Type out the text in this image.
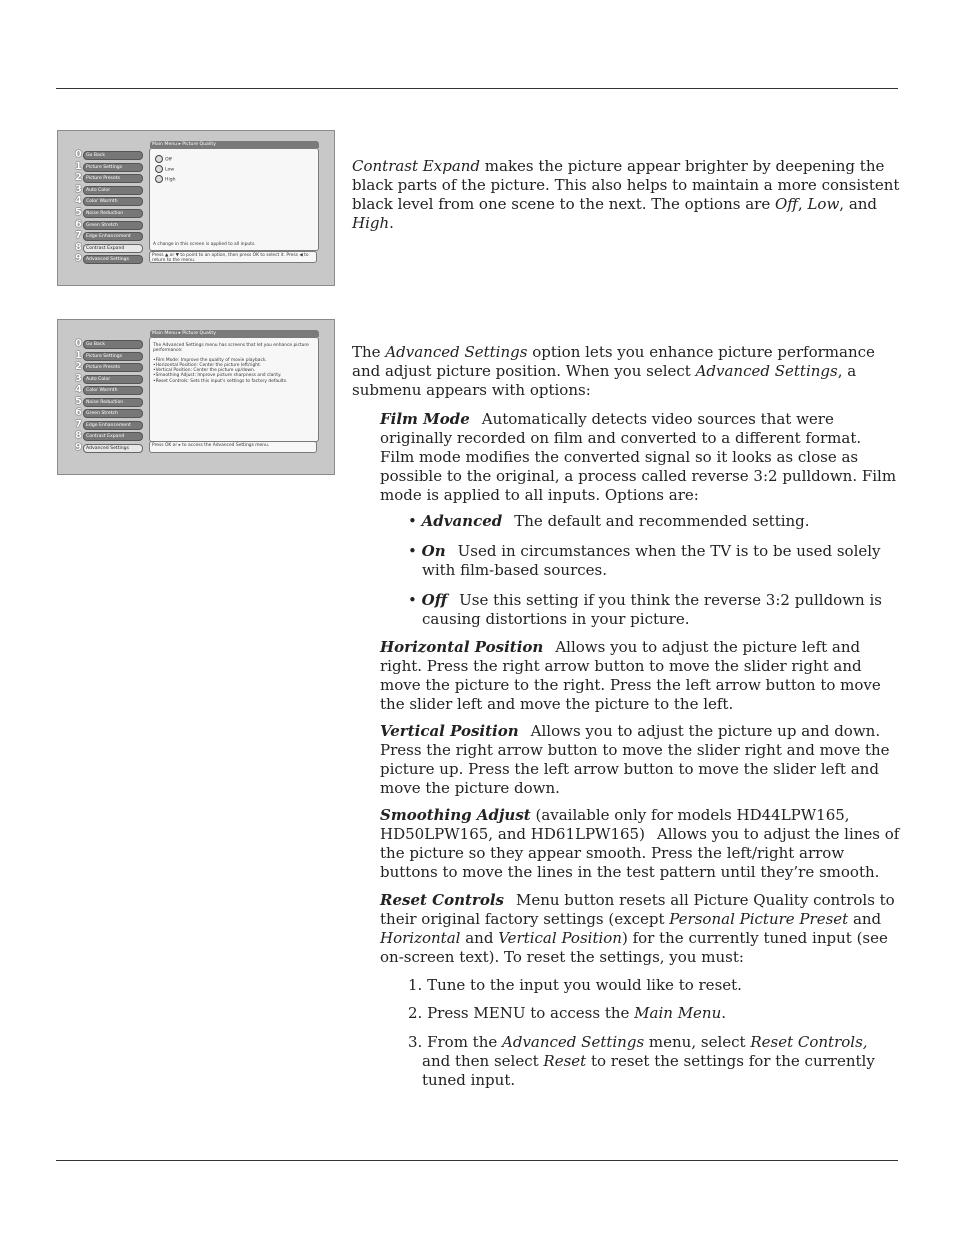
0 Go Back
1 Picture Settings
2 Picture Presets
3 Auto Color
4 Color Warmth
5 Noise Reduction
6 Green Stretch
7 Edge Enhancement
8 Contrast Expand
9 Advanced Settings
Main Menu ▸ Picture Quality
Off
Low
High
A change in this screen is applied to all inputs.
Press ▲ or ▼ to point to an option, then press OK to select it. Press ◀ to return to the menu.
0 Go Back
1 Picture Settings
2 Picture Presets
3 Auto Color
4 Color Warmth
5 Noise Reduction
6 Green Stretch
7 Edge Enhancement
8 Contrast Expand
9 Advanced Settings
Main Menu ▸ Picture Quality

The Advanced Settings menu has screens that let you enhance picture performance:

•Film Mode: Improve the quality of movie playback.
•Horizontal Position: Center the picture left/right.
•Vertical Position: Center the picture up/down.
•Smoothing Adjust: Improve picture sharpness and clarity.
•Reset Controls: Sets this input's settings to factory defaults.
Press OK or ▸ to access the Advanced Settings menu.
Contrast Expand makes the picture appear brighter by deepening the black parts of the picture. This also helps to maintain a more consistent black level from one scene to the next. The options are Off, Low, and High.
The Advanced Settings option lets you enhance picture performance and adjust picture position. When you select Advanced Settings, a submenu appears with options:
Film Mode Automatically detects video sources that were originally recorded on film and converted to a different format. Film mode modifies the converted signal so it looks as close as possible to the original, a process called reverse 3:2 pulldown. Film mode is applied to all inputs. Options are:
• Advanced The default and recommended setting.
• On Used in circumstances when the TV is to be used solely with film-based sources.
• Off Use this setting if you think the reverse 3:2 pulldown is causing distortions in your picture.
Horizontal Position Allows you to adjust the picture left and right. Press the right arrow button to move the slider right and move the picture to the right. Press the left arrow button to move the slider left and move the picture to the left.
Vertical Position Allows you to adjust the picture up and down. Press the right arrow button to move the slider right and move the picture up. Press the left arrow button to move the slider left and move the picture down.
Smoothing Adjust (available only for models HD44LPW165, HD50LPW165, and HD61LPW165) Allows you to adjust the lines of the picture so they appear smooth. Press the left/right arrow buttons to move the lines in the test pattern until they’re smooth.
Reset Controls Menu button resets all Picture Quality controls to their original factory settings (except Personal Picture Preset and Horizontal and Vertical Position) for the currently tuned input (see on-screen text). To reset the settings, you must:
1. Tune to the input you would like to reset.
2. Press MENU to access the Main Menu.
3. From the Advanced Settings menu, select Reset Controls, and then select Reset to reset the settings for the currently tuned input.
